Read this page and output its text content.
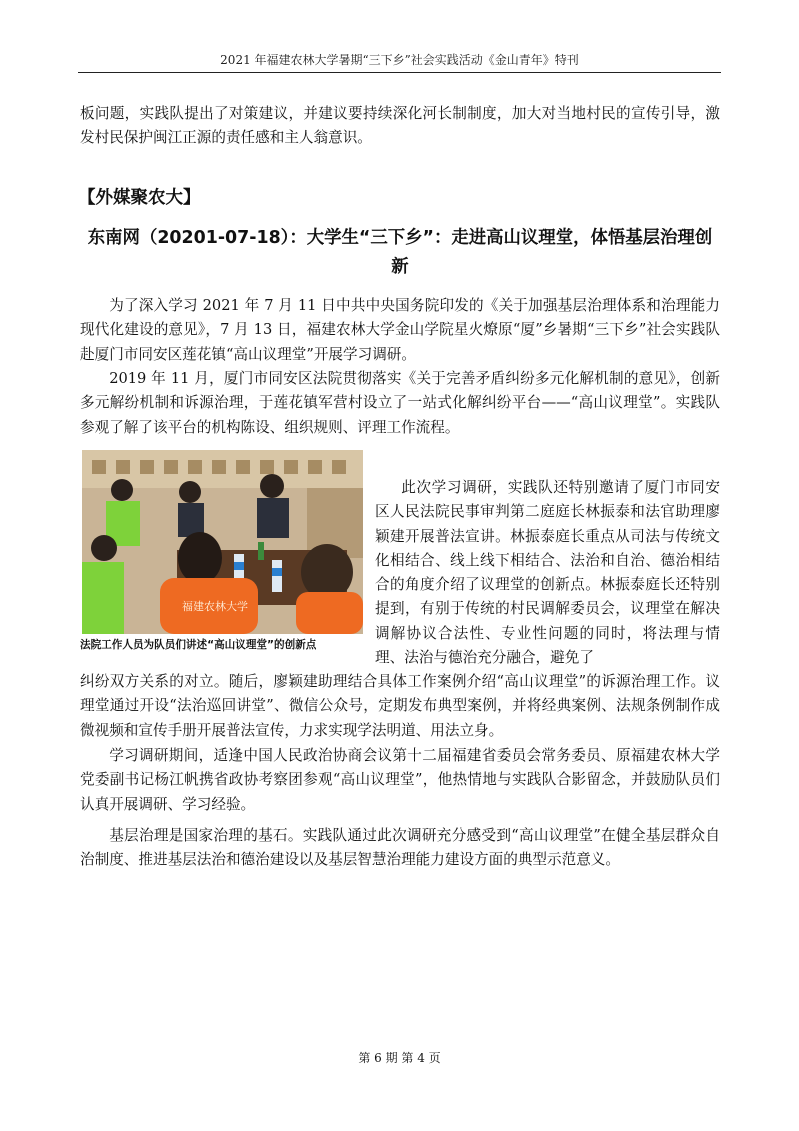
2021 年福建农林大学暑期“三下乡”社会实践活动《金山青年》特刊

板问题，实践队提出了对策建议，并建议要持续深化河长制制度，加大对当地村民的宣传引导，激发村民保护闽江正源的责任感和主人翁意识。

【外媒聚农大】
东南网（20201-07-18）：大学生“三下乡”：走进高山议理堂，体悟基层治理创新

为了深入学习 2021 年 7 月 11 日中共中央国务院印发的《关于加强基层治理体系和治理能力现代化建设的意见》，7 月 13 日，福建农林大学金山学院星火燎原“厦”乡暑期“三下乡”社会实践队赴厦门市同安区莲花镇“高山议理堂”开展学习调研。

2019 年 11 月，厦门市同安区法院贯彻落实《关于完善矛盾纠纷多元化解机制的意见》，创新多元解纷机制和诉源治理，于莲花镇军营村设立了一站式化解纠纷平台——“高山议理堂”。实践队参观了解了该平台的机构陈设、组织规则、评理工作流程。

福建农林大学
法院工作人员为队员们讲述“高山议理堂”的创新点

此次学习调研，实践队还特别邀请了厦门市同安区人民法院民事审判第二庭庭长林振泰和法官助理廖颖建开展普法宣讲。林振泰庭长重点从司法与传统文化相结合、线上线下相结合、法治和自治、德治相结合的角度介绍了议理堂的创新点。林振泰庭长还特别提到，有别于传统的村民调解委员会，议理堂在解决调解协议合法性、专业性问题的同时，将法理与情理、法治与德治充分融合，避免了

纠纷双方关系的对立。随后，廖颖建助理结合具体工作案例介绍“高山议理堂”的诉源治理工作。议理堂通过开设“法治巡回讲堂”、微信公众号，定期发布典型案例，并将经典案例、法规条例制作成微视频和宣传手册开展普法宣传，力求实现学法明道、用法立身。

学习调研期间，适逢中国人民政治协商会议第十二届福建省委员会常务委员、原福建农林大学党委副书记杨江帆携省政协考察团参观“高山议理堂”，他热情地与实践队合影留念，并鼓励队员们认真开展调研、学习经验。

基层治理是国家治理的基石。实践队通过此次调研充分感受到“高山议理堂”在健全基层群众自治制度、推进基层法治和德治建设以及基层智慧治理能力建设方面的典型示范意义。

第 6 期 第 4 页
